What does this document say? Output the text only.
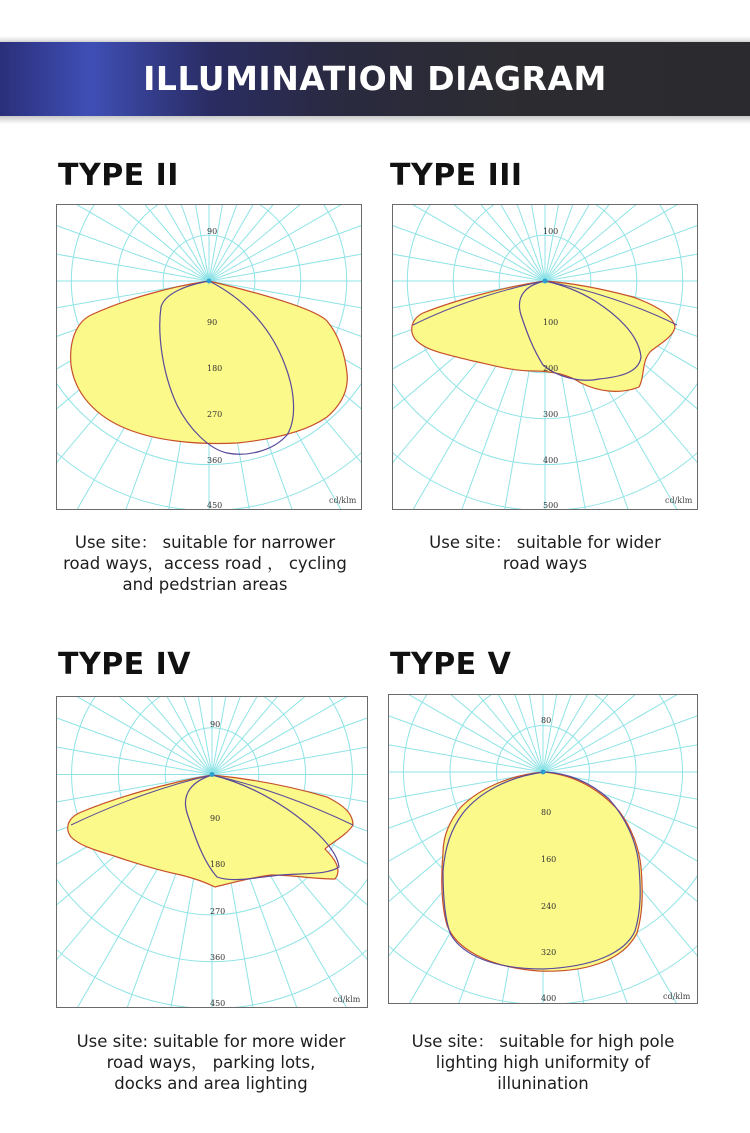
ILLUMINATION DIAGRAM
TYPE II
90
90
180
270
360
450
cd/klm
Use site： suitable for narrower
road ways，access road ， cycling
and pedstrian areas
TYPE III
100
100
200
300
400
500
cd/klm
Use site： suitable for wider
road ways
TYPE IV
90
90
180
270
360
450	cd/klm
Use site: suitable for more wider
road ways， parking lots,
docks and area lighting
TYPE V
80
80
160
240
320
400	cd/klm
Use site： suitable for high pole
lighting high uniformity of
illunination
